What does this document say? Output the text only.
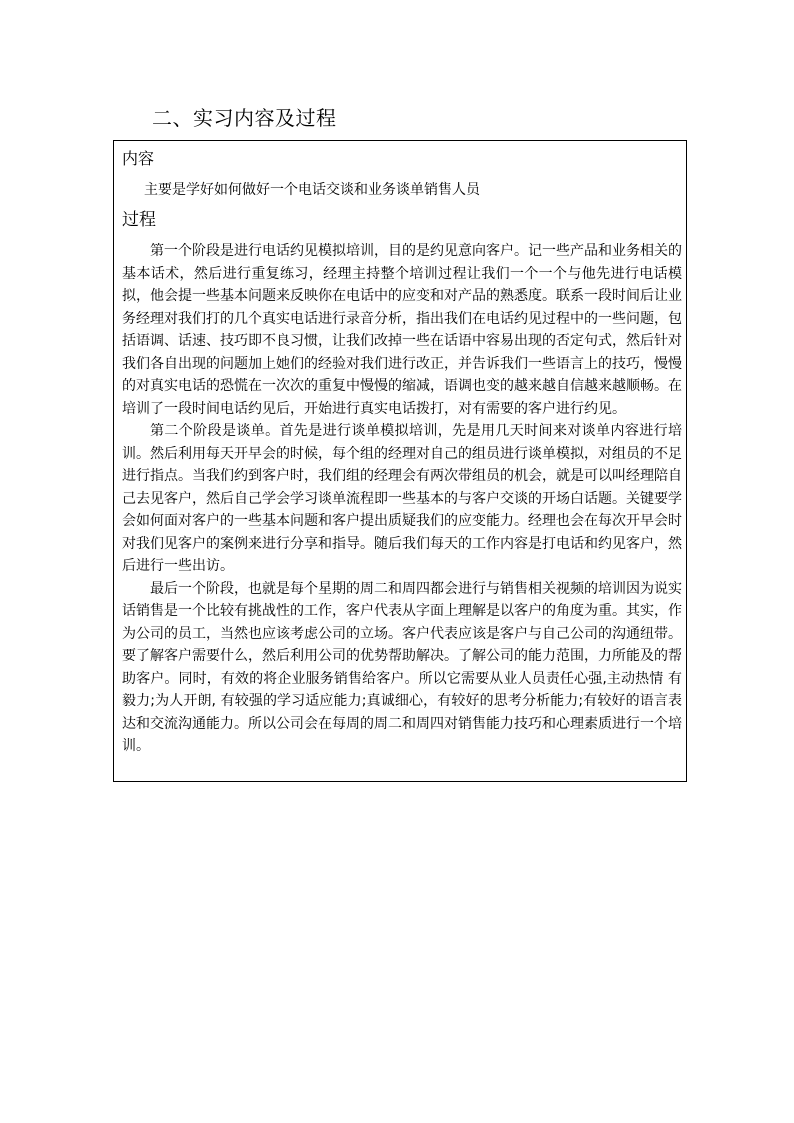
二、实习内容及过程
内容
主要是学好如何做好一个电话交谈和业务谈单销售人员
过程

第一个阶段是进行电话约见模拟培训，目的是约见意向客户。记一些产品和业务相关的基本话术，然后进行重复练习，经理主持整个培训过程让我们一个一个与他先进行电话模拟，他会提一些基本问题来反映你在电话中的应变和对产品的熟悉度。联系一段时间后让业务经理对我们打的几个真实电话进行录音分析，指出我们在电话约见过程中的一些问题，包括语调、话速、技巧即不良习惯，让我们改掉一些在话语中容易出现的否定句式，然后针对我们各自出现的问题加上她们的经验对我们进行改正，并告诉我们一些语言上的技巧，慢慢的对真实电话的恐慌在一次次的重复中慢慢的缩减，语调也变的越来越自信越来越顺畅。在培训了一段时间电话约见后，开始进行真实电话拨打，对有需要的客户进行约见。

第二个阶段是谈单。首先是进行谈单模拟培训，先是用几天时间来对谈单内容进行培训。然后利用每天开早会的时候，每个组的经理对自己的组员进行谈单模拟，对组员的不足进行指点。当我们约到客户时，我们组的经理会有两次带组员的机会，就是可以叫经理陪自己去见客户，然后自己学会学习谈单流程即一些基本的与客户交谈的开场白话题。关键要学会如何面对客户的一些基本问题和客户提出质疑我们的应变能力。经理也会在每次开早会时对我们见客户的案例来进行分享和指导。随后我们每天的工作内容是打电话和约见客户，然后进行一些出访。

最后一个阶段，也就是每个星期的周二和周四都会进行与销售相关视频的培训因为说实话销售是一个比较有挑战性的工作，客户代表从字面上理解是以客户的角度为重。其实，作为公司的员工，当然也应该考虑公司的立场。客户代表应该是客户与自己公司的沟通纽带。要了解客户需要什么，然后利用公司的优势帮助解决。了解公司的能力范围，力所能及的帮助客户。同时，有效的将企业服务销售给客户。所以它需要从业人员责任心强,主动热情 有毅力;为人开朗, 有较强的学习适应能力;真诚细心，有较好的思考分析能力;有较好的语言表达和交流沟通能力。所以公司会在每周的周二和周四对销售能力技巧和心理素质进行一个培训。
